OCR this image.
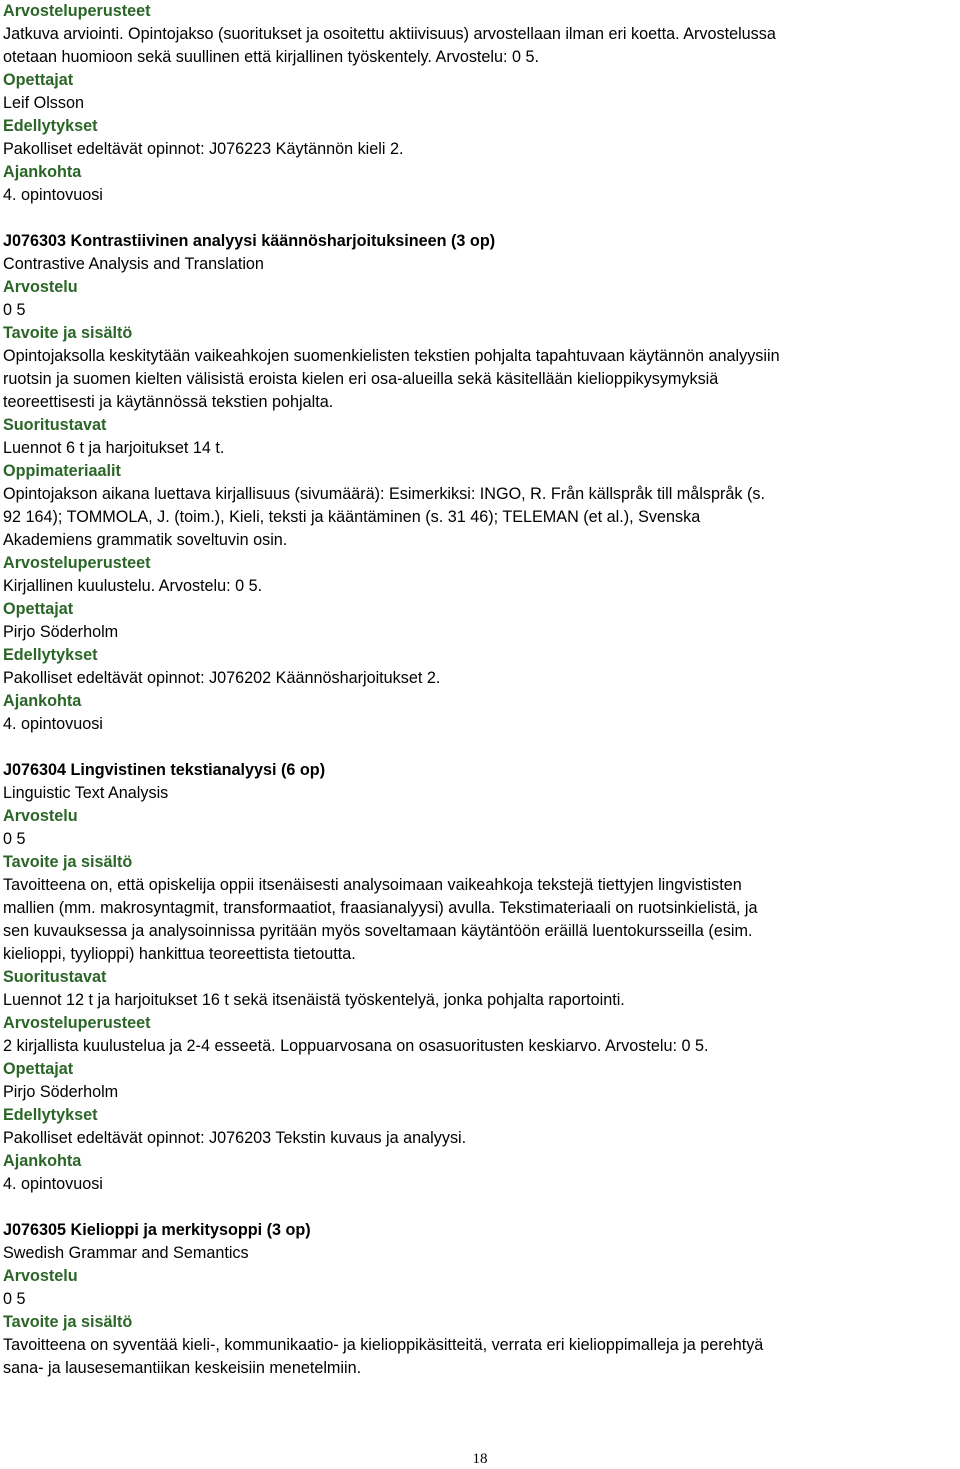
Arvosteluperusteet
Jatkuva arviointi. Opintojakso (suoritukset ja osoitettu aktiivisuus) arvostellaan ilman eri koetta. Arvostelussa
otetaan huomioon sekä suullinen että kirjallinen työskentely. Arvostelu: 0 5.
Opettajat
Leif Olsson
Edellytykset
Pakolliset edeltävät opinnot: J076223 Käytännön kieli 2.
Ajankohta
4. opintovuosi
J076303 Kontrastiivinen analyysi käännösharjoituksineen (3 op)
Contrastive Analysis and Translation
Arvostelu
0 5
Tavoite ja sisältö
Opintojaksolla keskitytään vaikeahkojen suomenkielisten tekstien pohjalta tapahtuvaan käytännön analyysiin
ruotsin ja suomen kielten välisistä eroista kielen eri osa-alueilla sekä käsitellään kielioppikysymyksiä
teoreettisesti ja käytännössä tekstien pohjalta.
Suoritustavat
Luennot 6 t ja harjoitukset 14 t.
Oppimateriaalit
Opintojakson aikana luettava kirjallisuus (sivumäärä): Esimerkiksi: INGO, R. Från källspråk till målspråk (s.
92 164); TOMMOLA, J. (toim.), Kieli, teksti ja kääntäminen (s. 31 46); TELEMAN (et al.), Svenska
Akademiens grammatik soveltuvin osin.
Arvosteluperusteet
Kirjallinen kuulustelu. Arvostelu: 0 5.
Opettajat
Pirjo Söderholm
Edellytykset
Pakolliset edeltävät opinnot: J076202 Käännösharjoitukset 2.
Ajankohta
4. opintovuosi
J076304 Lingvistinen tekstianalyysi (6 op)
Linguistic Text Analysis
Arvostelu
0 5
Tavoite ja sisältö
Tavoitteena on, että opiskelija oppii itsenäisesti analysoimaan vaikeahkoja tekstejä tiettyjen lingvististen
mallien (mm. makrosyntagmit, transformaatiot, fraasianalyysi) avulla. Tekstimateriaali on ruotsinkielistä, ja
sen kuvauksessa ja analysoinnissa pyritään myös soveltamaan käytäntöön eräillä luentokursseilla (esim.
kielioppi, tyylioppi) hankittua teoreettista tietoutta.
Suoritustavat
Luennot 12 t ja harjoitukset 16 t sekä itsenäistä työskentelyä, jonka pohjalta raportointi.
Arvosteluperusteet
2 kirjallista kuulustelua ja 2-4 esseetä. Loppuarvosana on osasuoritusten keskiarvo. Arvostelu: 0 5.
Opettajat
Pirjo Söderholm
Edellytykset
Pakolliset edeltävät opinnot: J076203 Tekstin kuvaus ja analyysi.
Ajankohta
4. opintovuosi
J076305 Kielioppi ja merkitysoppi (3 op)
Swedish Grammar and Semantics
Arvostelu
0 5
Tavoite ja sisältö
Tavoitteena on syventää kieli-, kommunikaatio- ja kielioppikäsitteitä, verrata eri kielioppimalleja ja perehtyä
sana- ja lausesemantiikan keskeisiin menetelmiin.
18
